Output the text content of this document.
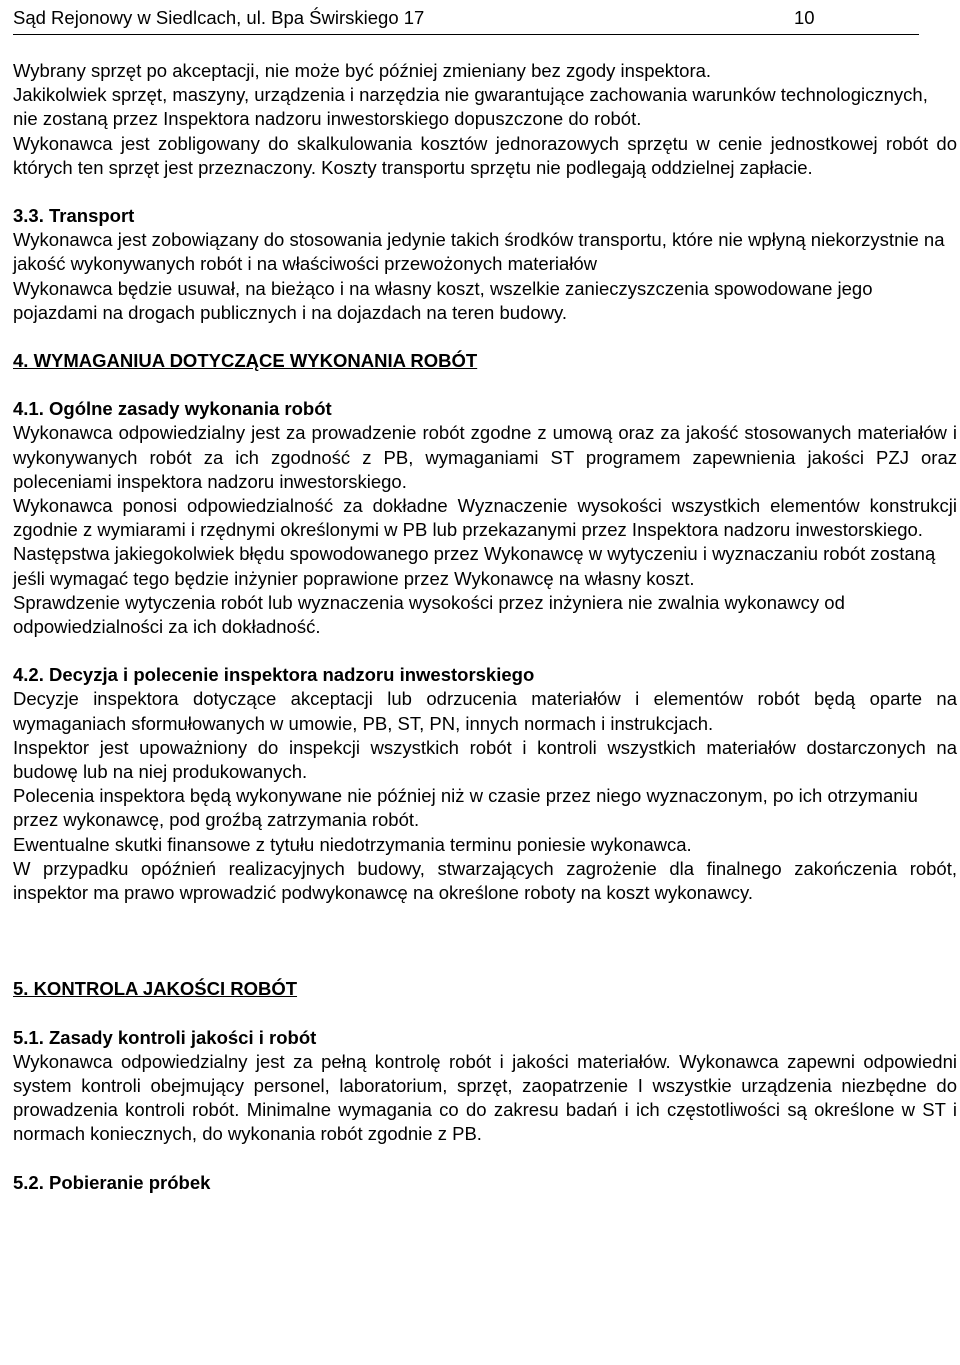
Sąd Rejonowy w Siedlcach, ul. Bpa Świrskiego 17	10

Wybrany sprzęt po akceptacji, nie może być później zmieniany bez zgody inspektora.

Jakikolwiek sprzęt, maszyny, urządzenia i narzędzia nie gwarantujące zachowania warunków technologicznych, nie zostaną przez Inspektora nadzoru inwestorskiego dopuszczone do robót.

Wykonawca jest zobligowany do skalkulowania kosztów jednorazowych sprzętu w cenie jednostkowej robót do których ten sprzęt jest przeznaczony. Koszty transportu sprzętu nie podlegają oddzielnej zapłacie.

3.3. Transport

Wykonawca jest zobowiązany do stosowania jedynie takich środków transportu, które nie wpłyną niekorzystnie na jakość wykonywanych robót i na właściwości przewożonych materiałów

Wykonawca będzie usuwał, na bieżąco i na własny koszt, wszelkie zanieczyszczenia spowodowane jego pojazdami na drogach publicznych i na dojazdach na teren budowy.

4. WYMAGANIUA DOTYCZĄCE WYKONANIA ROBÓT

4.1. Ogólne zasady wykonania robót

Wykonawca odpowiedzialny jest za prowadzenie robót zgodne z umową oraz za jakość stosowanych materiałów i wykonywanych robót za ich zgodność z PB, wymaganiami ST programem zapewnienia jakości PZJ oraz poleceniami inspektora nadzoru inwestorskiego.

Wykonawca ponosi odpowiedzialność za dokładne Wyznaczenie wysokości wszystkich elementów konstrukcji zgodnie z wymiarami i rzędnymi określonymi w PB lub przekazanymi przez Inspektora nadzoru inwestorskiego.

Następstwa jakiegokolwiek błędu spowodowanego przez Wykonawcę w wytyczeniu i wyznaczaniu robót zostaną jeśli wymagać tego będzie inżynier poprawione przez Wykonawcę na własny koszt.

Sprawdzenie wytyczenia robót lub wyznaczenia wysokości przez inżyniera nie zwalnia wykonawcy od odpowiedzialności za ich dokładność.

4.2. Decyzja i polecenie inspektora nadzoru inwestorskiego

Decyzje inspektora dotyczące akceptacji lub odrzucenia materiałów i elementów robót będą oparte na wymaganiach sformułowanych w umowie, PB, ST, PN, innych normach i instrukcjach.

Inspektor jest upoważniony do inspekcji wszystkich robót i kontroli wszystkich materiałów dostarczonych na budowę lub na niej produkowanych.

Polecenia inspektora będą wykonywane nie później niż w czasie przez niego wyznaczonym, po ich otrzymaniu przez wykonawcę, pod groźbą zatrzymania robót.

Ewentualne skutki finansowe z tytułu niedotrzymania terminu poniesie wykonawca.

W przypadku opóźnień realizacyjnych budowy, stwarzających zagrożenie dla finalnego zakończenia robót, inspektor ma prawo wprowadzić podwykonawcę na określone roboty na koszt wykonawcy.

5. KONTROLA JAKOŚCI ROBÓT

5.1. Zasady kontroli jakości i robót

Wykonawca odpowiedzialny jest za pełną kontrolę robót i jakości materiałów. Wykonawca zapewni odpowiedni system kontroli obejmujący personel, laboratorium, sprzęt, zaopatrzenie I wszystkie urządzenia niezbędne do prowadzenia kontroli robót. Minimalne wymagania co do zakresu badań i ich częstotliwości są określone w ST i normach koniecznych, do wykonania robót zgodnie z PB.

5.2. Pobieranie próbek
